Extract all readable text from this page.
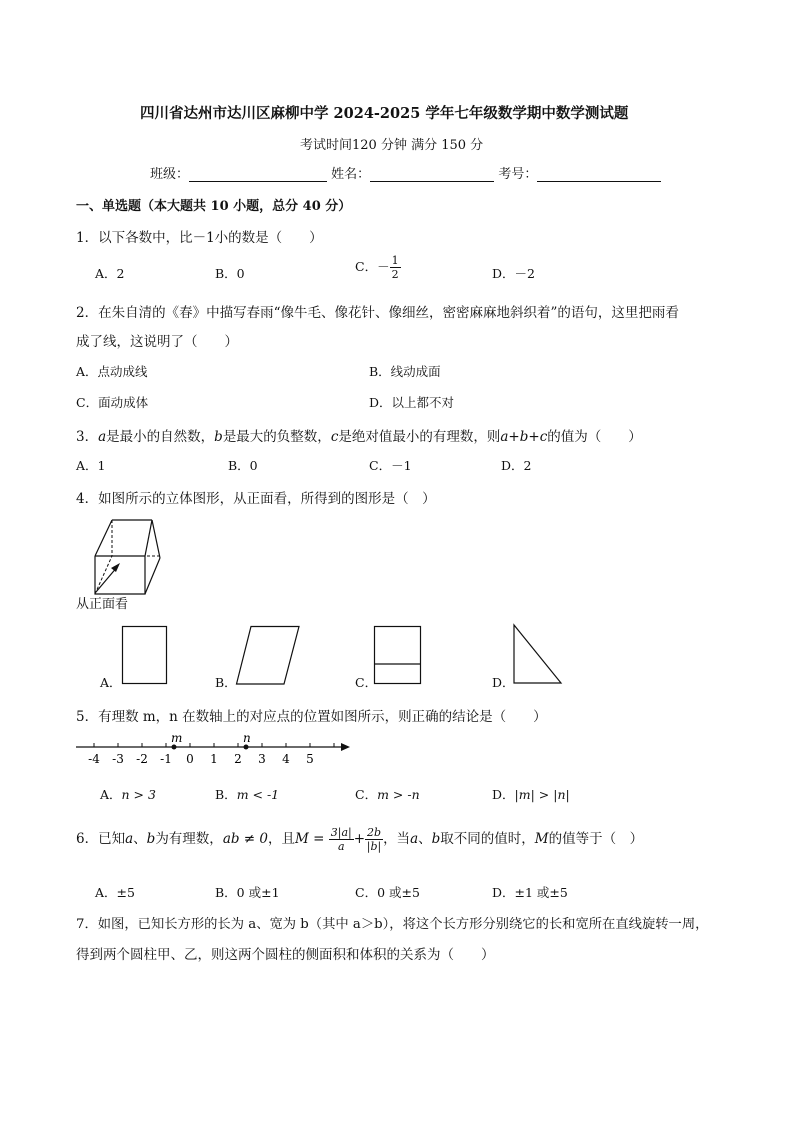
四川省达州市达川区麻柳中学 2024-2025 学年七年级数学期中数学测试题
考试时间120 分钟 满分 150 分
班级：	姓名：	考号：
一、单选题（本大题共 10 小题，总分 40 分）
1．以下各数中，比－1小的数是（　　）
A．2	B．0	C．－ $\frac{1}{2}$	D．－2
2．在朱自清的《春》中描写春雨“像牛毛、像花针、像细丝，密密麻麻地斜织着”的语句，这里把雨看
成了线，这说明了（　　）
A．点动成线	B．线动成面
C．面动成体	D．以上都不对
3．a是最小的自然数，b是最大的负整数，c是绝对值最小的有理数，则a+b+c的值为（　　）
A．1	B．0	C．－1	D．2
4．如图所示的立体图形，从正面看，所得到的图形是（　）
从正面看
A．	B．	C．	D．
5．有理数 m，n 在数轴上的对应点的位置如图所示，则正确的结论是（　　）
-4 -3 -2 -1 0 1 2 3 4 5
m	n
A．n > 3	B．m < -1	C．m > -n	D．|m| > |n|
6．已知a、b为有理数，ab ≠ 0，且$M = \frac{3|a|}{a} + \frac{2b}{|b|}$ ，当a、b取不同的值时，M的值等于（　）
A．±5	B．0 或±1	C．0 或±5	D．±1 或±5
7．如图，已知长方形的长为 a、宽为 b（其中 a＞b），将这个长方形分别绕它的长和宽所在直线旋转一周，
得到两个圆柱甲、乙，则这两个圆柱的侧面积和体积的关系为（　　）
